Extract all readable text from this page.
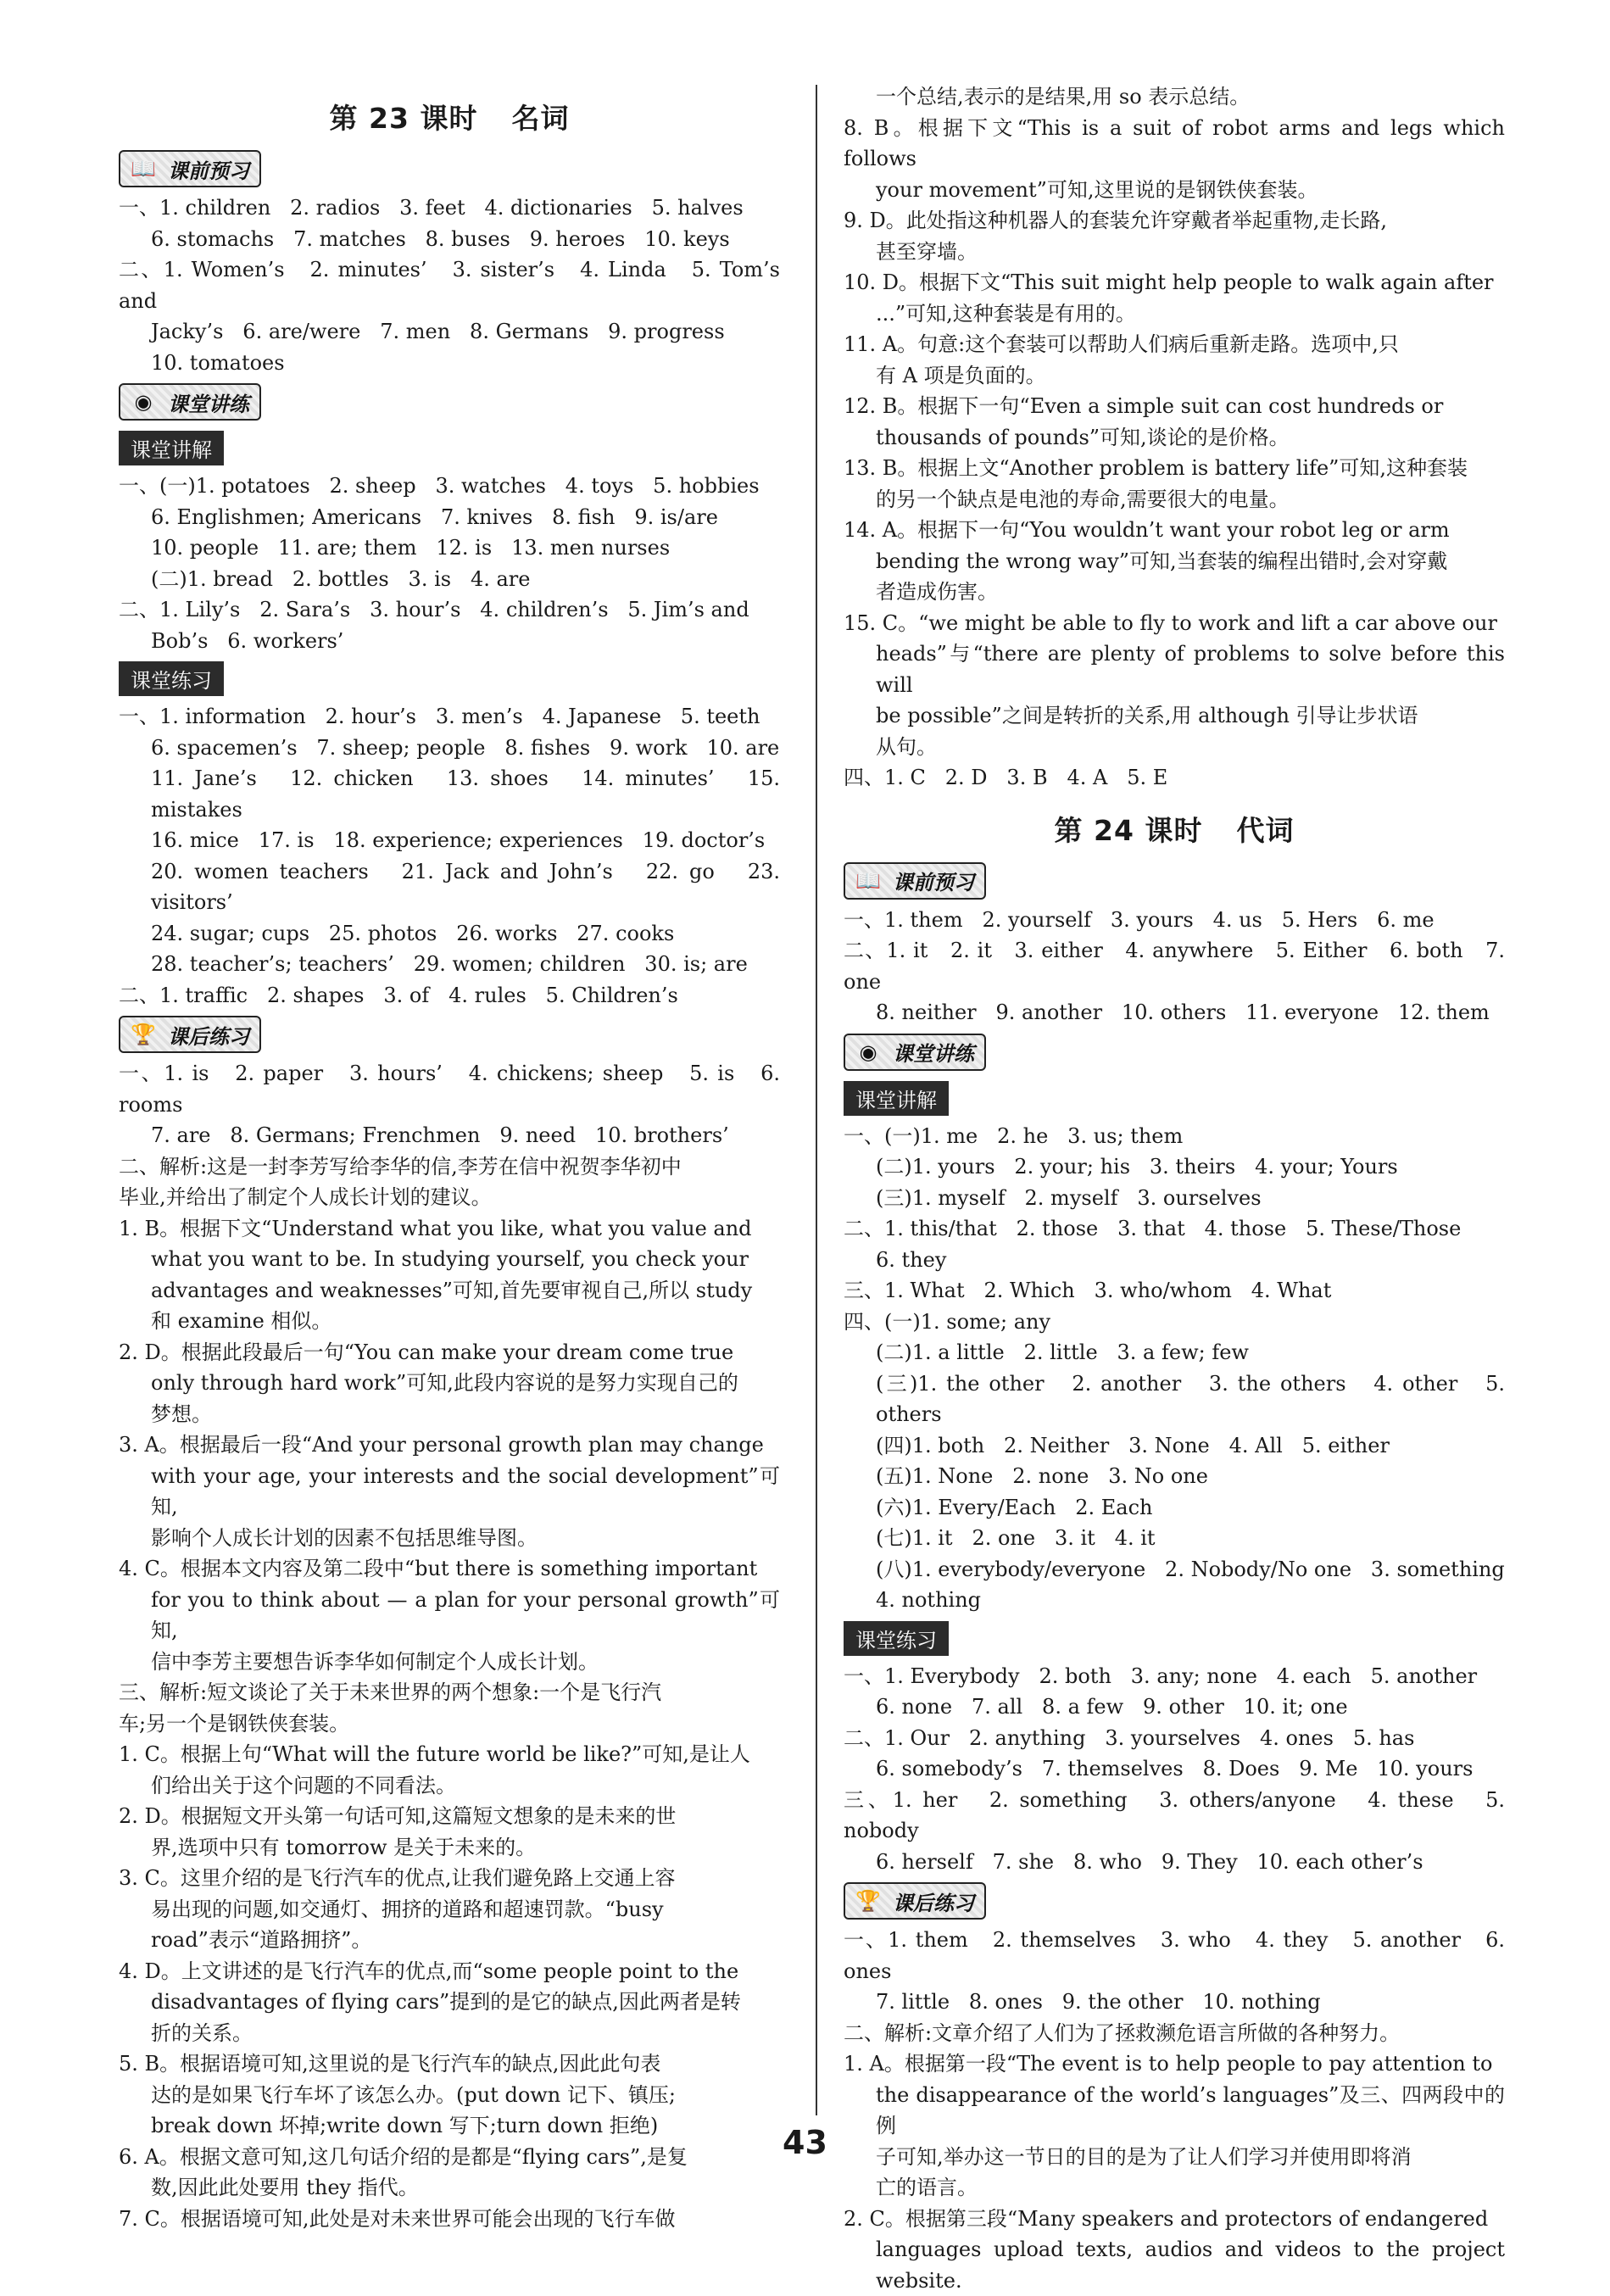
第 23 课时 名词
📖 课前预习
一、1. children   2. radios   3. feet   4. dictionaries   5. halves
6. stomachs   7. matches   8. buses   9. heroes   10. keys
二、1. Women’s   2. minutes’   3. sister’s   4. Linda   5. Tom’s and
Jacky’s   6. are/were   7. men   8. Germans   9. progress
10. tomatoes
◉ 课堂讲练
课堂讲解
一、(一)1. potatoes   2. sheep   3. watches   4. toys   5. hobbies
6. Englishmen; Americans   7. knives   8. fish   9. is/are
10. people   11. are; them   12. is   13. men nurses
(二)1. bread   2. bottles   3. is   4. are
二、1. Lily’s   2. Sara’s   3. hour’s   4. children’s   5. Jim’s and
Bob’s   6. workers’
课堂练习
一、1. information   2. hour’s   3. men’s   4. Japanese   5. teeth
6. spacemen’s   7. sheep; people   8. fishes   9. work   10. are
11. Jane’s   12. chicken   13. shoes   14. minutes’   15. mistakes
16. mice   17. is   18. experience; experiences   19. doctor’s
20. women teachers   21. Jack and John’s   22. go   23. visitors’
24. sugar; cups   25. photos   26. works   27. cooks
28. teacher’s; teachers’   29. women; children   30. is; are
二、1. traffic   2. shapes   3. of   4. rules   5. Children’s
🏆 课后练习
一、1. is   2. paper   3. hours’   4. chickens; sheep   5. is   6. rooms
7. are   8. Germans; Frenchmen   9. need   10. brothers’
二、解析:这是一封李芳写给李华的信,李芳在信中祝贺李华初中
毕业,并给出了制定个人成长计划的建议。
1. B。根据下文“Understand what you like, what you value and
what you want to be. In studying yourself, you check your
advantages and weaknesses”可知,首先要审视自己,所以 study
和 examine 相似。
2. D。根据此段最后一句“You can make your dream come true
only through hard work”可知,此段内容说的是努力实现自己的
梦想。
3. A。根据最后一段“And your personal growth plan may change
with your age, your interests and the social development”可知,
影响个人成长计划的因素不包括思维导图。
4. C。根据本文内容及第二段中“but there is something important
for you to think about — a plan for your personal growth”可知,
信中李芳主要想告诉李华如何制定个人成长计划。
三、解析:短文谈论了关于未来世界的两个想象:一个是飞行汽
车;另一个是钢铁侠套装。
1. C。根据上句“What will the future world be like?”可知,是让人
们给出关于这个问题的不同看法。
2. D。根据短文开头第一句话可知,这篇短文想象的是未来的世
界,选项中只有 tomorrow 是关于未来的。
3. C。这里介绍的是飞行汽车的优点,让我们避免路上交通上容
易出现的问题,如交通灯、拥挤的道路和超速罚款。“busy
road”表示“道路拥挤”。
4. D。上文讲述的是飞行汽车的优点,而“some people point to the
disadvantages of flying cars”提到的是它的缺点,因此两者是转
折的关系。
5. B。根据语境可知,这里说的是飞行汽车的缺点,因此此句表
达的是如果飞行车坏了该怎么办。(put down 记下、镇压;
break down 坏掉;write down 写下;turn down 拒绝)
6. A。根据文意可知,这几句话介绍的是都是“flying cars”,是复
数,因此此处要用 they 指代。
7. C。根据语境可知,此处是对未来世界可能会出现的飞行车做
一个总结,表示的是结果,用 so 表示总结。
8. B。根据下文“This is a suit of robot arms and legs which follows
your movement”可知,这里说的是钢铁侠套装。
9. D。此处指这种机器人的套装允许穿戴者举起重物,走长路,
甚至穿墙。
10. D。根据下文“This suit might help people to walk again after
...”可知,这种套装是有用的。
11. A。句意:这个套装可以帮助人们病后重新走路。选项中,只
有 A 项是负面的。
12. B。根据下一句“Even a simple suit can cost hundreds or
thousands of pounds”可知,谈论的是价格。
13. B。根据上文“Another problem is battery life”可知,这种套装
的另一个缺点是电池的寿命,需要很大的电量。
14. A。根据下一句“You wouldn’t want your robot leg or arm
bending the wrong way”可知,当套装的编程出错时,会对穿戴
者造成伤害。
15. C。“we might be able to fly to work and lift a car above our
heads”与“there are plenty of problems to solve before this will
be possible”之间是转折的关系,用 although 引导让步状语
从句。
四、1. C   2. D   3. B   4. A   5. E
第 24 课时 代词
📖 课前预习
一、1. them   2. yourself   3. yours   4. us   5. Hers   6. me
二、1. it   2. it   3. either   4. anywhere   5. Either   6. both   7. one
8. neither   9. another   10. others   11. everyone   12. them
◉ 课堂讲练
课堂讲解
一、(一)1. me   2. he   3. us; them
(二)1. yours   2. your; his   3. theirs   4. your; Yours
(三)1. myself   2. myself   3. ourselves
二、1. this/that   2. those   3. that   4. those   5. These/Those
6. they
三、1. What   2. Which   3. who/whom   4. What
四、(一)1. some; any
(二)1. a little   2. little   3. a few; few
(三)1. the other   2. another   3. the others   4. other   5. others
(四)1. both   2. Neither   3. None   4. All   5. either
(五)1. None   2. none   3. No one
(六)1. Every/Each   2. Each
(七)1. it   2. one   3. it   4. it
(八)1. everybody/everyone   2. Nobody/No one   3. something
4. nothing
课堂练习
一、1. Everybody   2. both   3. any; none   4. each   5. another
6. none   7. all   8. a few   9. other   10. it; one
二、1. Our   2. anything   3. yourselves   4. ones   5. has
6. somebody’s   7. themselves   8. Does   9. Me   10. yours
三、1. her   2. something   3. others/anyone   4. these   5. nobody
6. herself   7. she   8. who   9. They   10. each other’s
🏆 课后练习
一、1. them   2. themselves   3. who   4. they   5. another   6. ones
7. little   8. ones   9. the other   10. nothing
二、解析:文章介绍了人们为了拯救濒危语言所做的各种努力。
1. A。根据第一段“The event is to help people to pay attention to
the disappearance of the world’s languages”及三、四两段中的例
子可知,举办这一节日的目的是为了让人们学习并使用即将消
亡的语言。
2. C。根据第三段“Many speakers and protectors of endangered
languages upload texts, audios and videos to the project website.
43
